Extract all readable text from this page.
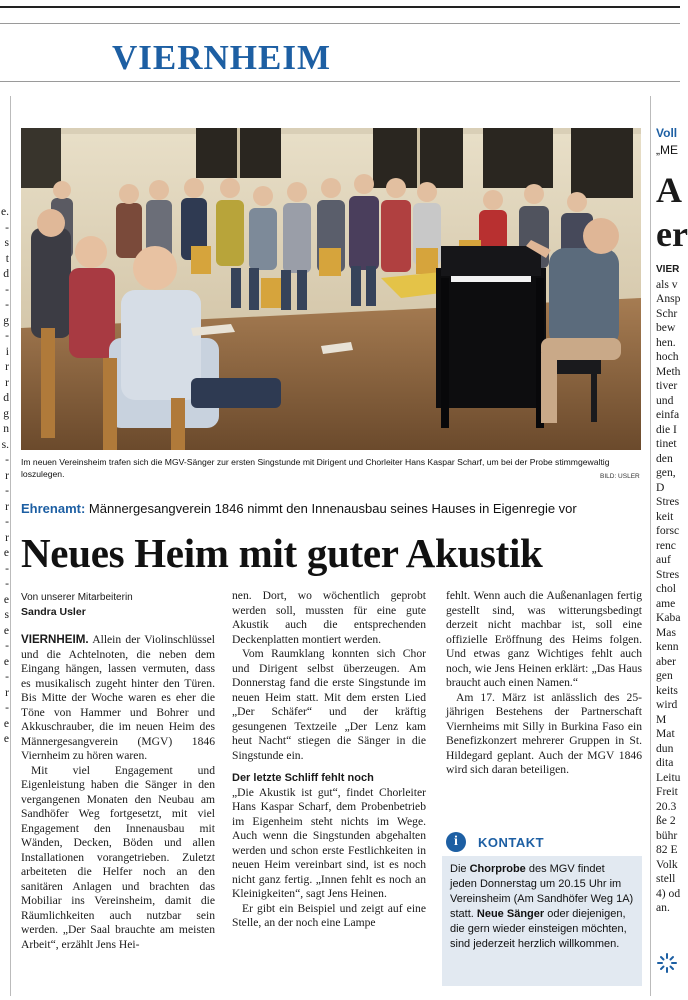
VIERNHEIM
e.
-
s
t
d
-
-
g
-
i
r
r
d
g
n
s.
-
r
-
r
-
r
e
-
-
e
s
e
-
e
-
r
-
e
e
Im neuen Vereinsheim trafen sich die MGV-Sänger zur ersten Singstunde mit Dirigent und Chorleiter Hans Kaspar Scharf, um bei der Probe stimmgewaltig loszulegen.	BILD: USLER
Ehrenamt: Männergesangverein 1846 nimmt den Innenausbau seines Hauses in Eigenregie vor
Neues Heim mit guter Akustik
Von unserer Mitarbeiterin
Sandra Usler

VIERNHEIM. Allein der Violinschlüssel und die Achtelnoten, die neben dem Eingang hängen, lassen vermuten, dass es musikalisch zugeht hinter den Türen. Bis Mitte der Woche waren es eher die Töne von Hammer und Bohrer und Akkuschrauber, die im neuen Heim des Männergesangverein (MGV) 1846 Viernheim zu hören waren.

Mit viel Engagement und Eigenleistung haben die Sänger in den vergangenen Monaten den Neubau am Sandhöfer Weg fortgesetzt, mit viel Engagement den Innenausbau mit Wänden, Decken, Böden und allen Installationen vorangetrieben. Zuletzt arbeiteten die Helfer noch an den sanitären Anlagen und brachten das Mobiliar ins Vereinsheim, damit die Räumlichkeiten auch nutzbar sein werden. „Der Saal brauchte am meisten Arbeit“, erzählt Jens Hei-

nen. Dort, wo wöchentlich geprobt werden soll, mussten für eine gute Akustik auch die entsprechenden Deckenplatten montiert werden.

Vom Raumklang konnten sich Chor und Dirigent selbst überzeugen. Am Donnerstag fand die erste Singstunde im neuen Heim statt. Mit dem ersten Lied „Der Schäfer“ und der kräftig gesungenen Textzeile „Der Lenz kam heut Nacht“ stiegen die Sänger in die Singstunde ein.

Der letzte Schliff fehlt noch

„Die Akustik ist gut“, findet Chorleiter Hans Kaspar Scharf, dem Probenbetrieb im Eigenheim steht nichts im Wege. Auch wenn die Singstunden abgehalten werden und schon erste Festlichkeiten in neuen Heim vereinbart sind, ist es noch nicht ganz fertig. „Innen fehlt es noch an Kleinigkeiten“, sagt Jens Heinen.

Er gibt ein Beispiel und zeigt auf eine Stelle, an der noch eine Lampe

fehlt. Wenn auch die Außenanlagen fertig gestellt sind, was witterungsbedingt derzeit nicht machbar ist, soll eine offizielle Eröffnung des Heims folgen. Und etwas ganz Wichtiges fehlt auch noch, wie Jens Heinen erklärt: „Das Haus braucht auch einen Namen.“

Am 17. März ist anlässlich des 25-jährigen Bestehens der Partnerschaft Viernheims mit Silly in Burkina Faso ein Benefizkonzert mehrerer Gruppen in St. Hildegard geplant. Auch der MGV 1846 wird sich daran beteiligen.

i KONTAKT
Die Chorprobe des MGV findet jeden Donnerstag um 20.15 Uhr im Vereinsheim (Am Sandhöfer Weg 1A) statt. Neue Sänger oder diejenigen, die gern wieder einsteigen möchten, sind jederzeit herzlich willkommen.
Voll
„ME
A
er
VIER
als v
Ansp
Schr
bew
hen.
hoch
Meth
tiver
und
einfa
die I
tinet
den
gen,
D
Stres
keit
forsc
renc
auf
Stres
chol
ame
Kaba
Mas
kenn
aber
gen
keits
wird
M
Mat
dun
dita
Leitu
Freit
20.3
ße 2
bühr
82 E
Volk
stell
4) od
an.
